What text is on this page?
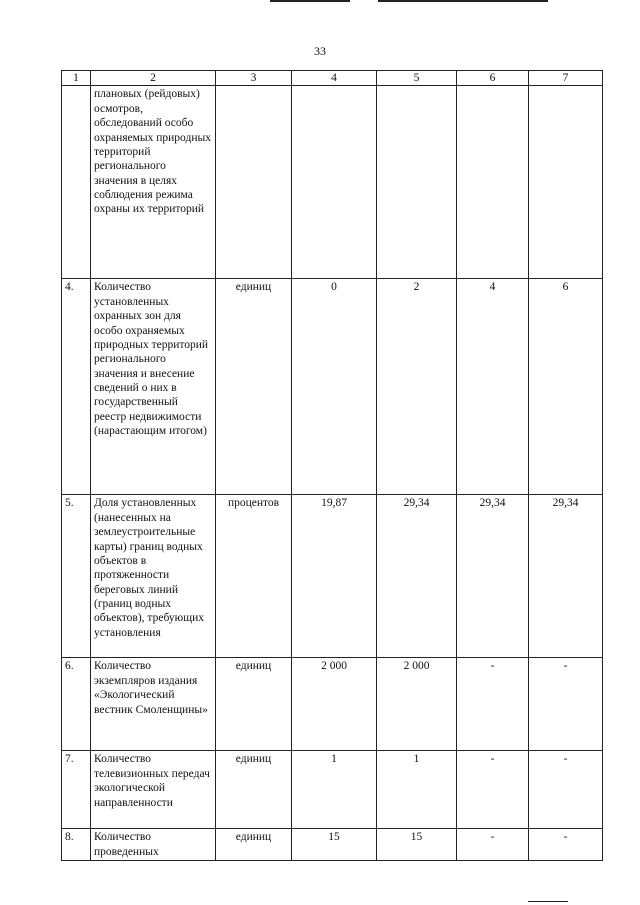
33
1	2	3	4	5	6	7
	плановых (рейдовых) осмотров, обследований особо охраняемых природных территорий регионального значения в целях соблюдения режима охраны их территорий					
4.	Количество установленных охранных зон для особо охраняемых природных территорий регионального значения и внесение сведений о них в государственный реестр недвижимости (нарастающим итогом)	единиц	0	2	4	6
5.	Доля установленных (нанесенных на землеустроительные карты) границ водных объектов в протяженности береговых линий (границ водных объектов), требующих установления	процентов	19,87	29,34	29,34	29,34
6.	Количество экземпляров издания «Экологический вестник Смоленщины»	единиц	2 000	2 000	-	-
7.	Количество телевизионных передач экологической направленности	единиц	1	1	-	-
8.	Количество проведенных	единиц	15	15	-	-
